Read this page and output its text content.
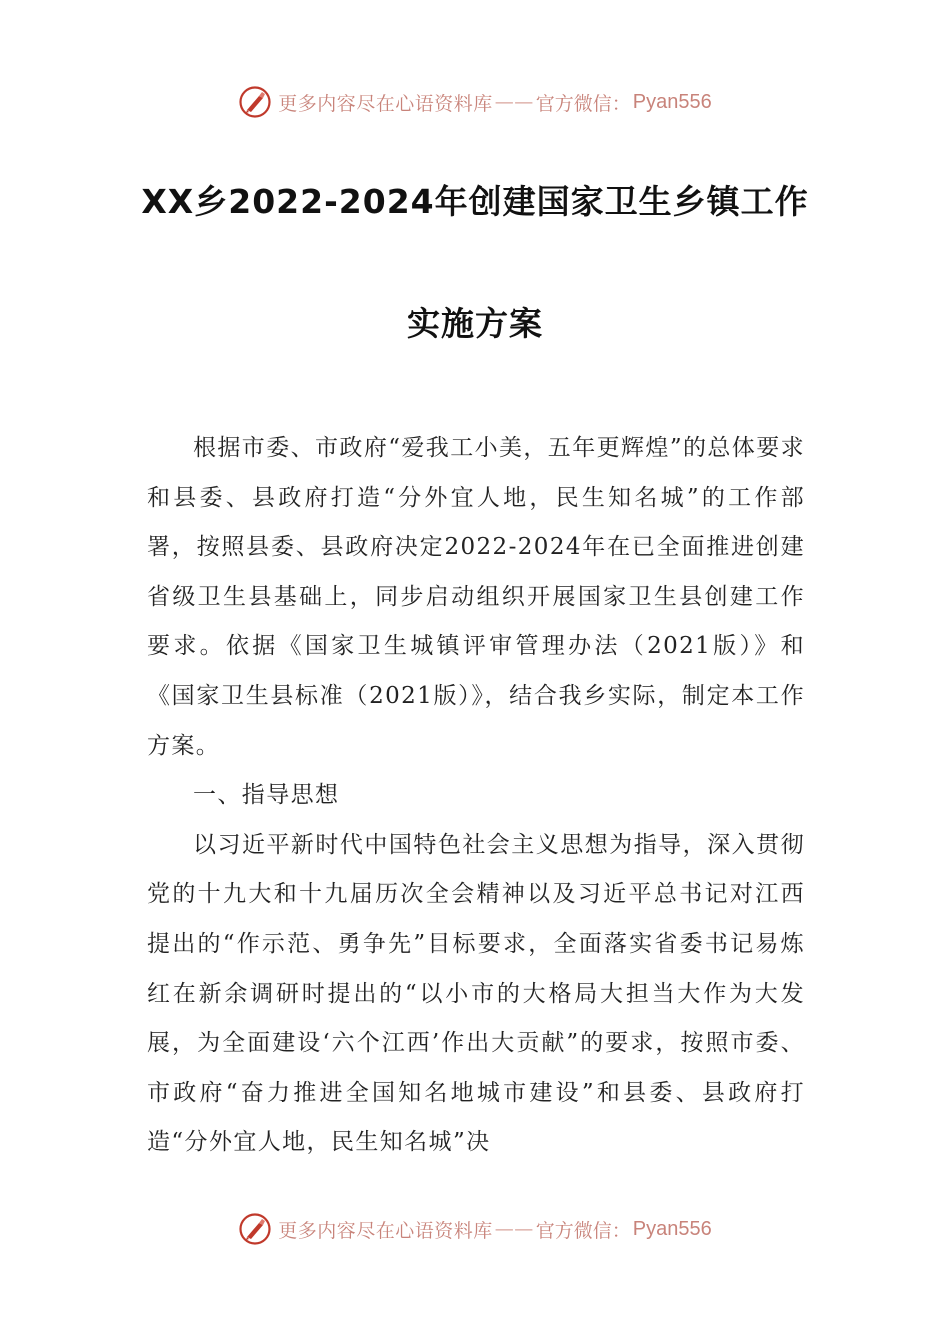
更多内容尽在心语资料库 —— 官方微信： Pyan556
XX乡2022-2024年创建国家卫生乡镇工作
实施方案

根据市委、市政府“爱我工小美，五年更辉煌”的总体要求和县委、县政府打造“分外宜人地，民生知名城”的工作部署，按照县委、县政府决定2022-2024年在已全面推进创建省级卫生县基础上，同步启动组织开展国家卫生县创建工作要求。依据《国家卫生城镇评审管理办法（2021版）》和《国家卫生县标准（2021版）》，结合我乡实际，制定本工作方案。

一、指导思想

以习近平新时代中国特色社会主义思想为指导，深入贯彻党的十九大和十九届历次全会精神以及习近平总书记对江西提出的“作示范、勇争先”目标要求，全面落实省委书记易炼红在新余调研时提出的“以小市的大格局大担当大作为大发展，为全面建设‘六个江西’作出大贡献”的要求，按照市委、市政府“奋力推进全国知名地城市建设”和县委、县政府打造“分外宜人地，民生知名城”决

更多内容尽在心语资料库 —— 官方微信： Pyan556
